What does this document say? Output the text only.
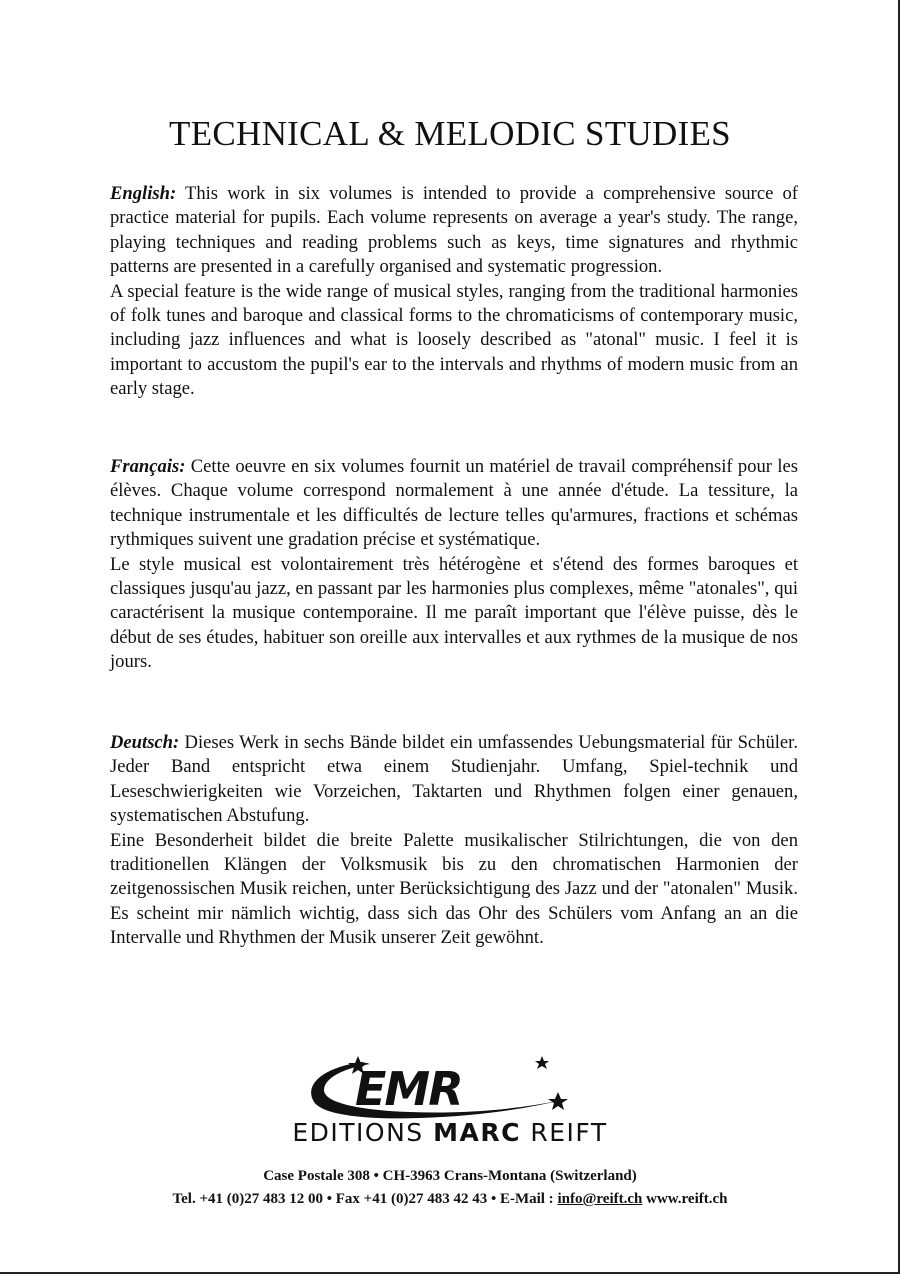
TECHNICAL & MELODIC STUDIES

English: This work in six volumes is intended to provide a comprehensive source of practice material for pupils. Each volume represents on average a year's study. The range, playing techniques and reading problems such as keys, time signatures and rhythmic patterns are presented in a carefully organised and systematic progression.

A special feature is the wide range of musical styles, ranging from the traditional harmonies of folk tunes and baroque and classical forms to the chromaticisms of contemporary music, including jazz influences and what is loosely described as "atonal" music. I feel it is important to accustom the pupil's ear to the intervals and rhythms of modern music from an early stage.

Français: Cette oeuvre en six volumes fournit un matériel de travail compréhensif pour les élèves. Chaque volume correspond normalement à une année d'étude. La tessiture, la technique instrumentale et les difficultés de lecture telles qu'armures, fractions et schémas rythmiques suivent une gradation précise et systématique.

Le style musical est volontairement très hétérogène et s'étend des formes baroques et classiques jusqu'au jazz, en passant par les harmonies plus complexes, même "atonales", qui caractérisent la musique contemporaine. Il me paraît important que l'élève puisse, dès le début de ses études, habituer son oreille aux intervalles et aux rythmes de la musique de nos jours.

Deutsch: Dieses Werk in sechs Bände bildet ein umfassendes Uebungsmaterial für Schüler. Jeder Band entspricht etwa einem Studienjahr. Umfang, Spiel-technik und Leseschwierigkeiten wie Vorzeichen, Taktarten und Rhythmen folgen einer genauen, systematischen Abstufung.

Eine Besonderheit bildet die breite Palette musikalischer Stilrichtungen, die von den traditionellen Klängen der Volksmusik bis zu den chromatischen Harmonien der zeitgenossischen Musik reichen, unter Berücksichtigung des Jazz und der "atonalen" Musik. Es scheint mir nämlich wichtig, dass sich das Ohr des Schülers vom Anfang an an die Intervalle und Rhythmen der Musik unserer Zeit gewöhnt.

EMR
EDITIONS MARC REIFT
Case Postale 308 • CH-3963 Crans-Montana (Switzerland)
Tel. +41 (0)27 483 12 00 • Fax +41 (0)27 483 42 43 • E-Mail : info@reift.ch www.reift.ch
